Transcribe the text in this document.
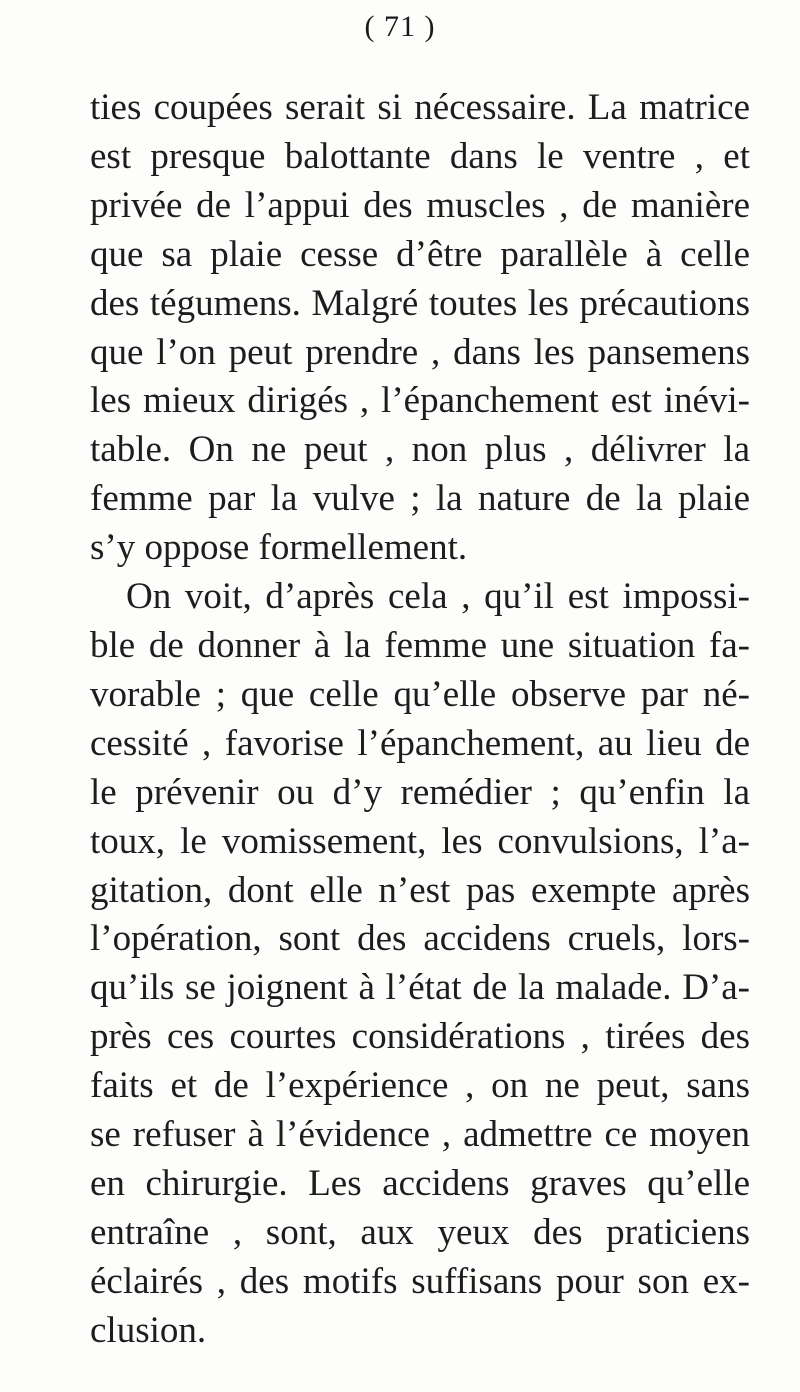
( 71 )
ties coupées serait si nécessaire. La matrice
est presque balottante dans le ventre , et
privée de l’appui des muscles , de manière
que sa plaie cesse d’être parallèle à celle
des tégumens. Malgré toutes les précautions
que l’on peut prendre , dans les pansemens
les mieux dirigés , l’épanchement est inévi-
table. On ne peut , non plus , délivrer la
femme par la vulve ; la nature de la plaie
s’y oppose formellement.
On voit, d’après cela , qu’il est impossi-
ble de donner à la femme une situation fa-
vorable ; que celle qu’elle observe par né-
cessité , favorise l’épanchement, au lieu de
le prévenir ou d’y remédier ; qu’enfin la
toux, le vomissement, les convulsions, l’a-
gitation, dont elle n’est pas exempte après
l’opération, sont des accidens cruels, lors-
qu’ils se joignent à l’état de la malade. D’a-
près ces courtes considérations , tirées des
faits et de l’expérience , on ne peut, sans
se refuser à l’évidence , admettre ce moyen
en chirurgie. Les accidens graves qu’elle
entraîne , sont, aux yeux des praticiens
éclairés , des motifs suffisans pour son ex-
clusion.
